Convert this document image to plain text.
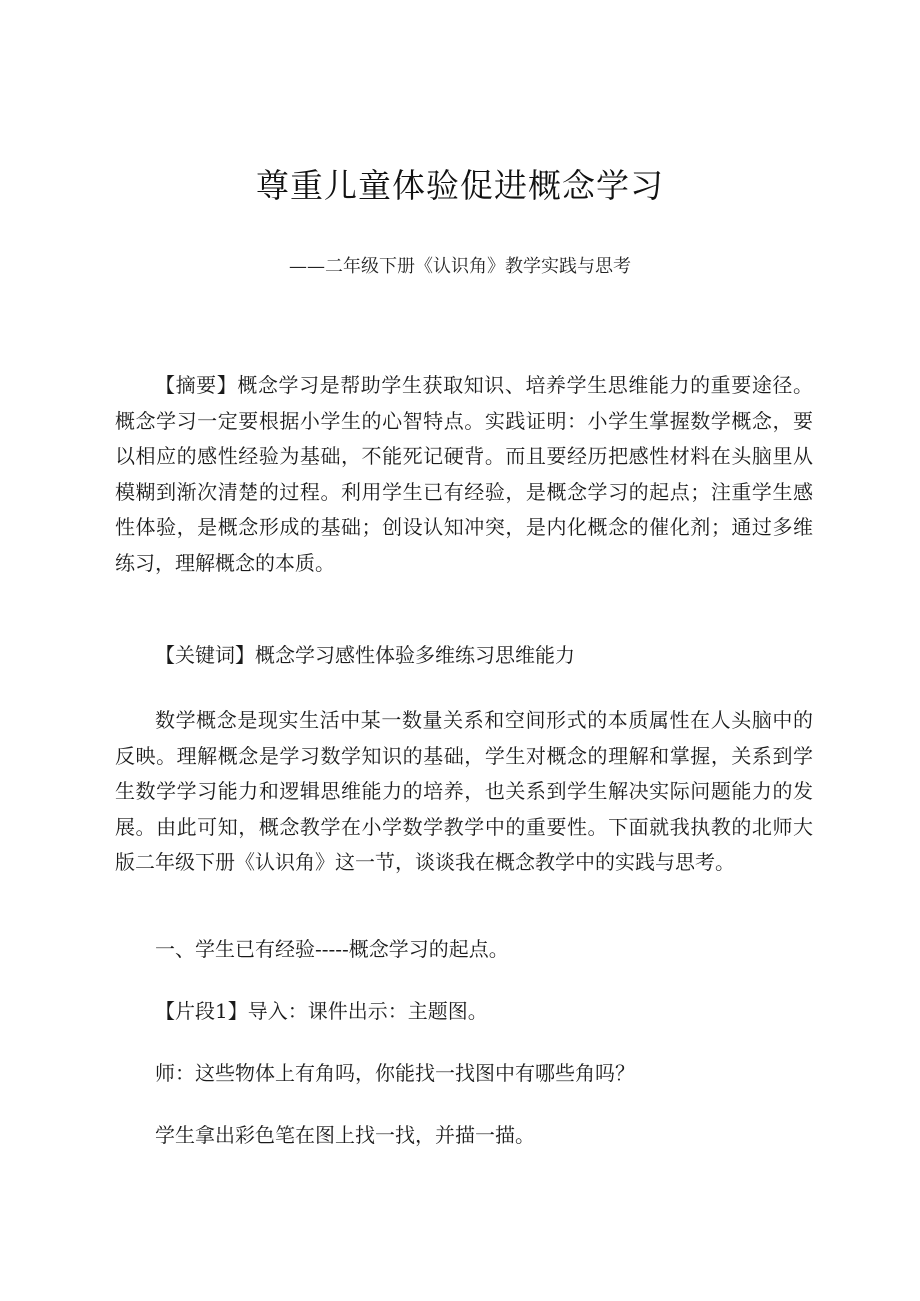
尊重儿童体验促进概念学习
——二年级下册《认识角》教学实践与思考

【摘要】概念学习是帮助学生获取知识、培养学生思维能力的重要途径。概念学习一定要根据小学生的心智特点。实践证明：小学生掌握数学概念，要以相应的感性经验为基础，不能死记硬背。而且要经历把感性材料在头脑里从模糊到渐次清楚的过程。利用学生已有经验，是概念学习的起点；注重学生感性体验，是概念形成的基础；创设认知冲突，是内化概念的催化剂；通过多维练习，理解概念的本质。

【关键词】概念学习感性体验多维练习思维能力

数学概念是现实生活中某一数量关系和空间形式的本质属性在人头脑中的反映。理解概念是学习数学知识的基础，学生对概念的理解和掌握，关系到学生数学学习能力和逻辑思维能力的培养，也关系到学生解决实际问题能力的发展。由此可知，概念教学在小学数学教学中的重要性。下面就我执教的北师大版二年级下册《认识角》这一节，谈谈我在概念教学中的实践与思考。

一、学生已有经验-----概念学习的起点。

【片段1】导入：课件出示：主题图。

师：这些物体上有角吗，你能找一找图中有哪些角吗？

学生拿出彩色笔在图上找一找，并描一描。
